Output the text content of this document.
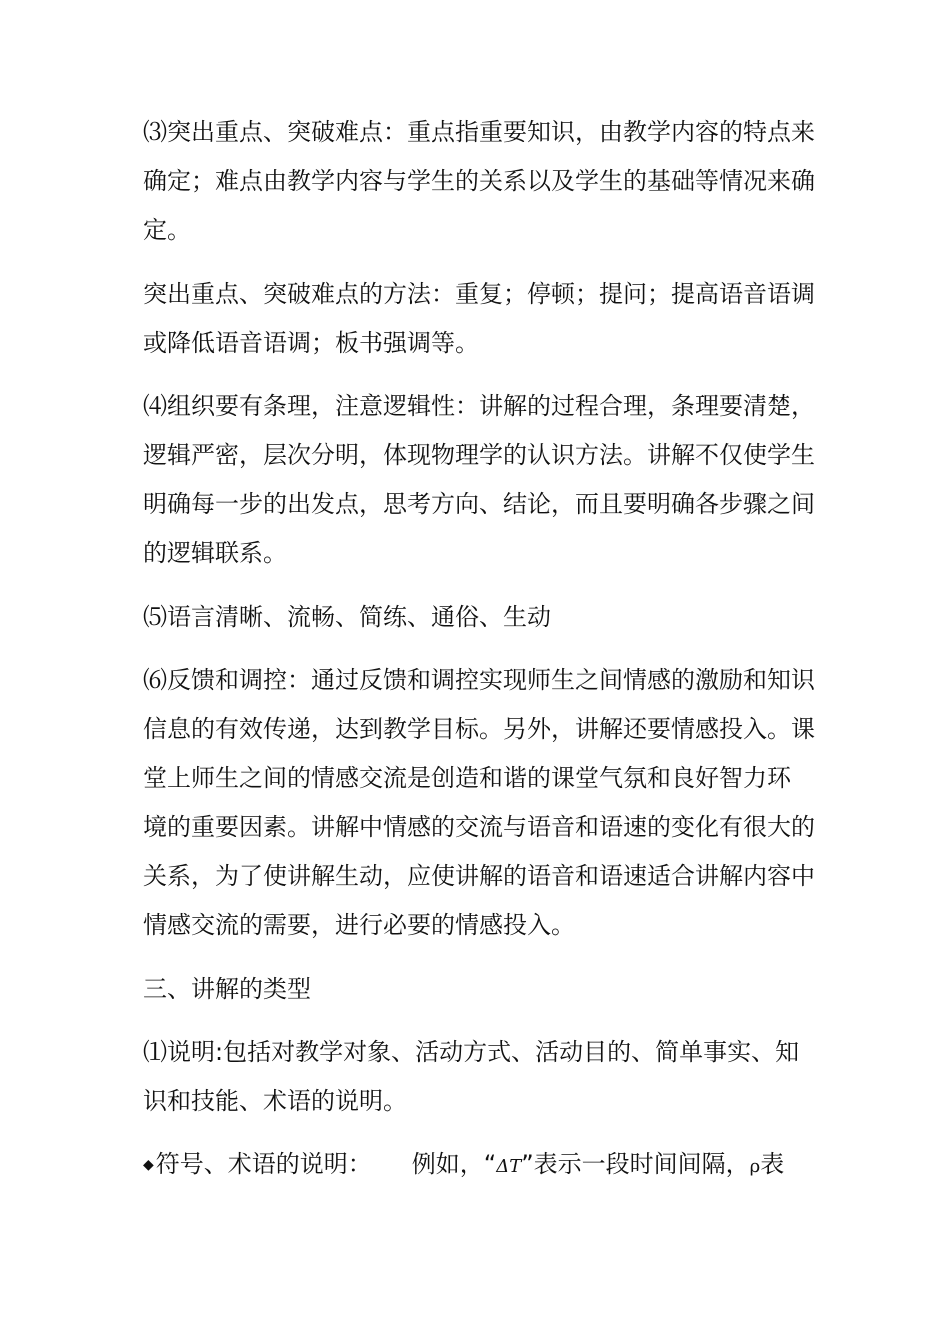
⑶突出重点、突破难点：重点指重要知识，由教学内容的特点来
确定；难点由教学内容与学生的关系以及学生的基础等情况来确
定。
突出重点、突破难点的方法：重复；停顿；提问；提高语音语调
或降低语音语调；板书强调等。
⑷组织要有条理，注意逻辑性：讲解的过程合理，条理要清楚，
逻辑严密，层次分明，体现物理学的认识方法。讲解不仅使学生
明确每一步的出发点，思考方向、结论，而且要明确各步骤之间
的逻辑联系。
⑸语言清晰、流畅、简练、通俗、生动
⑹反馈和调控：通过反馈和调控实现师生之间情感的激励和知识
信息的有效传递，达到教学目标。另外，讲解还要情感投入。课
堂上师生之间的情感交流是创造和谐的课堂气氛和良好智力环
境的重要因素。讲解中情感的交流与语音和语速的变化有很大的
关系，为了使讲解生动，应使讲解的语音和语速适合讲解内容中
情感交流的需要，进行必要的情感投入。
三、讲解的类型
⑴说明:包括对教学对象、活动方式、活动目的、简单事实、知
识和技能、术语的说明。
◆符号、术语的说明： 例如，“ΔT”表示一段时间间隔，ρ表
